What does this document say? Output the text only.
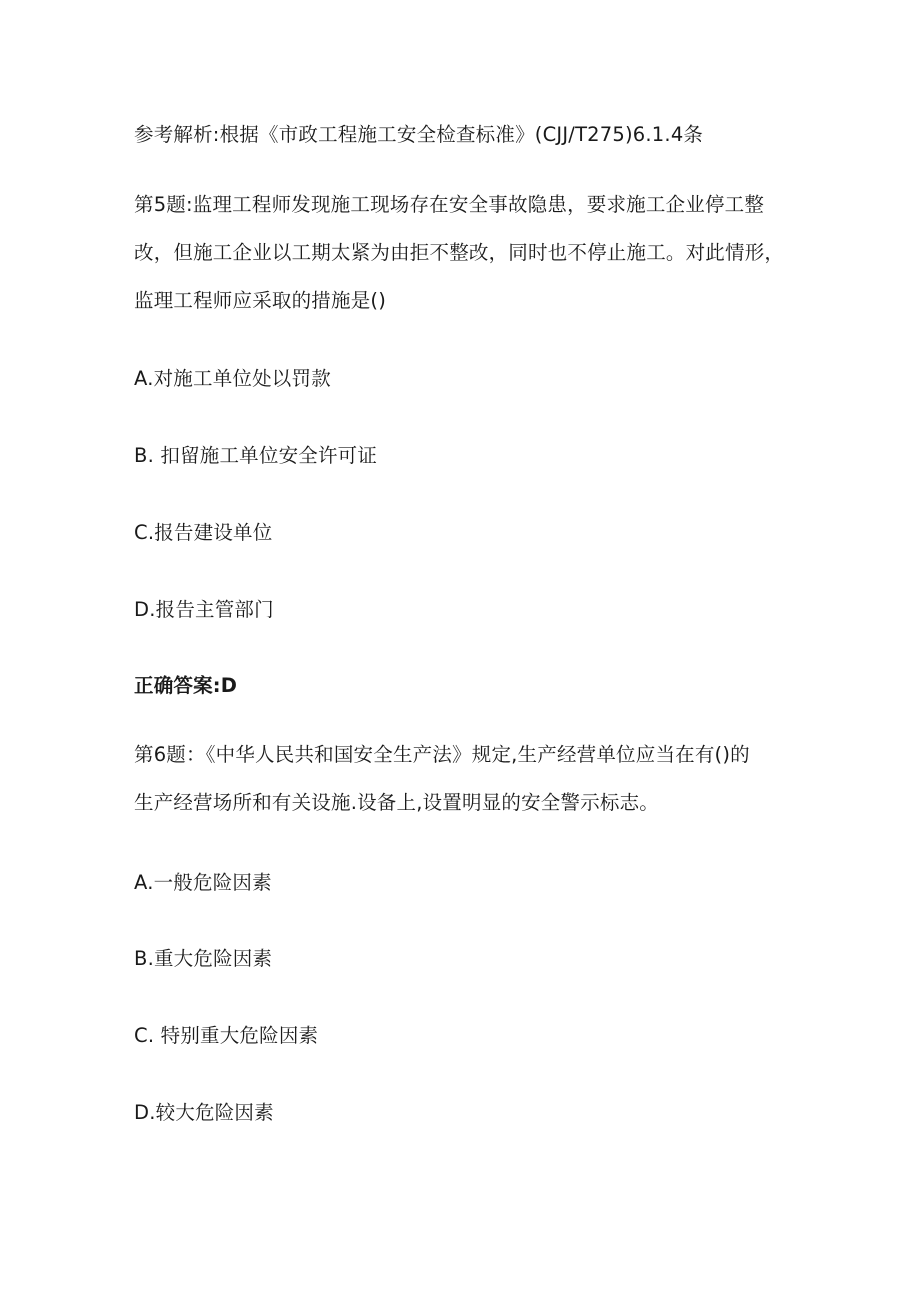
参考解析:根据《市政工程施工安全检查标准》(CJJ/T275)6.1.4条
第5题:监理工程师发现施工现场存在安全事故隐患，要求施工企业停工整
改，但施工企业以工期太紧为由拒不整改，同时也不停止施工。对此情形，
监理工程师应采取的措施是()
A.对施工单位处以罚款
B. 扣留施工单位安全许可证
C.报告建设单位
D.报告主管部门
正确答案:D
第6题：《中华人民共和国安全生产法》规定,生产经营单位应当在有()的
生产经营场所和有关设施.设备上,设置明显的安全警示标志。
A.一般危险因素
B.重大危险因素
C. 特别重大危险因素
D.较大危险因素
